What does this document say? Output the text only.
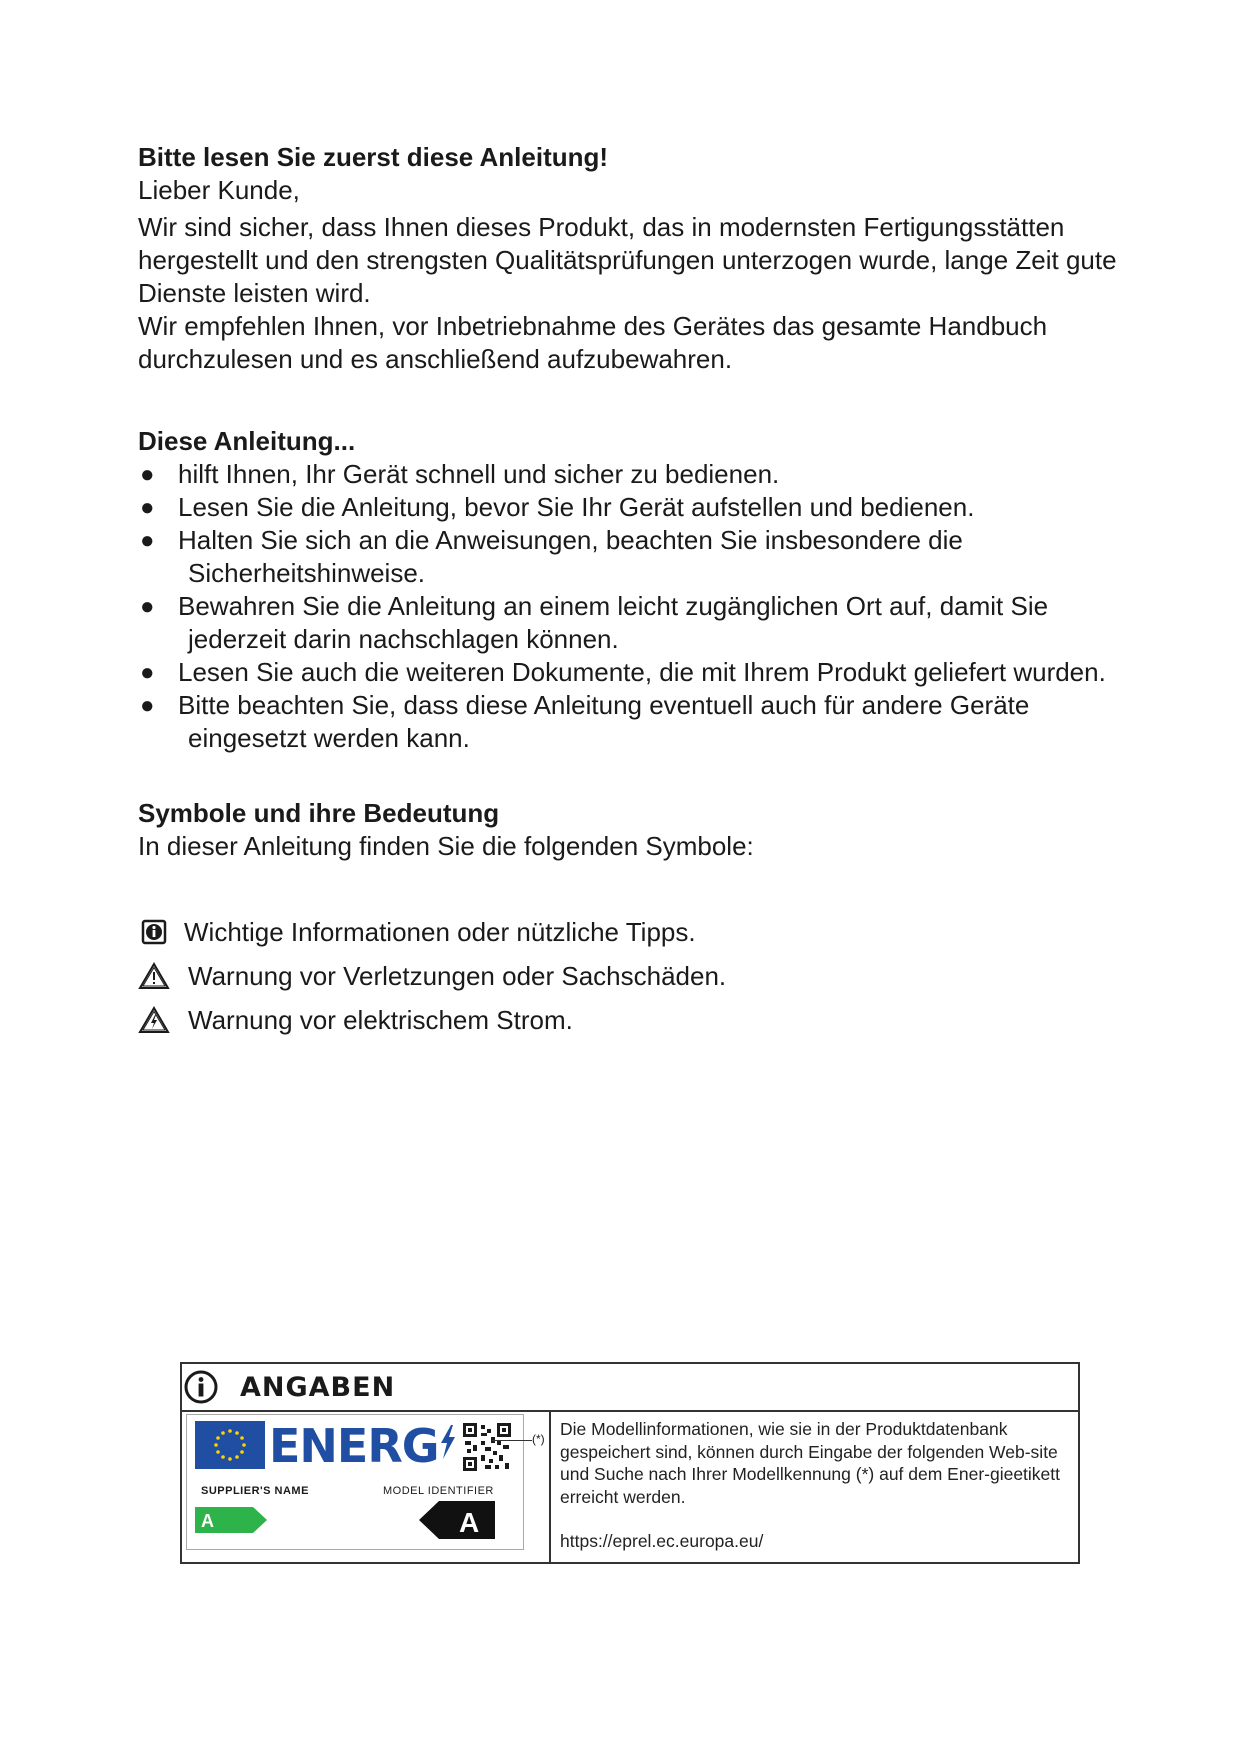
Bitte lesen Sie zuerst diese Anleitung!

Lieber Kunde,

Wir sind sicher, dass Ihnen dieses Produkt, das in modernsten Fertigungsstätten hergestellt und den strengsten Qualitätsprüfungen unterzogen wurde, lange Zeit gute Dienste leisten wird.

Wir empfehlen Ihnen, vor Inbetriebnahme des Gerätes das gesamte Handbuch durchzulesen und es anschließend aufzubewahren.

Diese Anleitung...
● hilft Ihnen, Ihr Gerät schnell und sicher zu bedienen.
● Lesen Sie die Anleitung, bevor Sie Ihr Gerät aufstellen und bedienen.
● Halten Sie sich an die Anweisungen, beachten Sie insbesondere die
Sicherheitshinweise.
● Bewahren Sie die Anleitung an einem leicht zugänglichen Ort auf, damit Sie
jederzeit darin nachschlagen können.
● Lesen Sie auch die weiteren Dokumente, die mit Ihrem Produkt geliefert wurden.
● Bitte beachten Sie, dass diese Anleitung eventuell auch für andere Geräte
eingesetzt werden kann.
Symbole und ihre Bedeutung

In dieser Anleitung finden Sie die folgenden Symbole:

Wichtige Informationen oder nützliche Tipps.
Warnung vor Verletzungen oder Sachschäden.
Warnung vor elektrischem Strom.
ANGABEN
ENERG
SUPPLIER'S NAME	MODEL IDENTIFIER
A	A
(*) Die Modellinformationen, wie sie in der Produktdatenbank gespeichert sind, können durch Eingabe der folgenden Web-site und Suche nach Ihrer Modellkennung (*) auf dem Ener-gieetikett erreicht werden.
https://eprel.ec.europa.eu/
